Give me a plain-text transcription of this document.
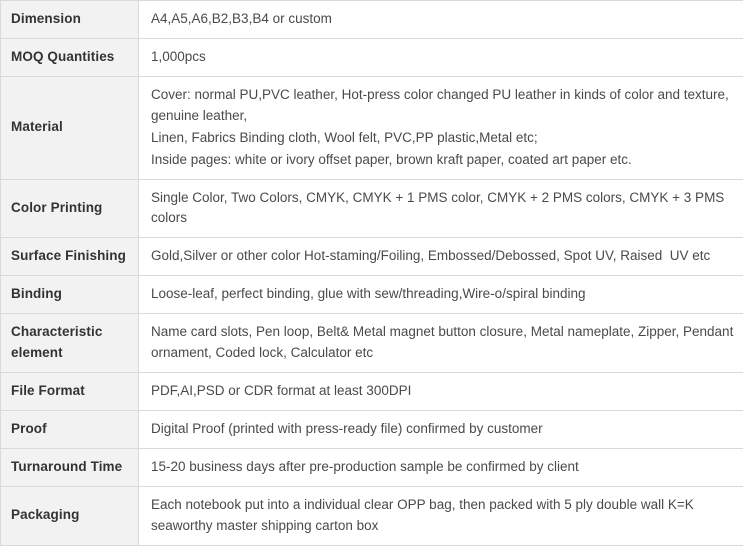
Dimension	A4,A5,A6,B2,B3,B4 or custom

MOQ Quantities	1,000pcs

Material	Cover: normal PU,PVC leather, Hot-press color changed PU leather in kinds of color and texture, genuine leather,
Linen, Fabrics Binding cloth, Wool felt, PVC,PP plastic,Metal etc;
Inside pages: white or ivory offset paper, brown kraft paper, coated art paper etc.

Color Printing	Single Color, Two Colors, CMYK, CMYK + 1 PMS color, CMYK + 2 PMS colors, CMYK + 3 PMS colors

Surface Finishing	Gold,Silver or other color Hot-staming/Foiling, Embossed/Debossed, Spot UV, Raised  UV etc

Binding	Loose-leaf, perfect binding, glue with sew/threading,Wire-o/spiral binding

Characteristic element	Name card slots, Pen loop, Belt& Metal magnet button closure, Metal nameplate, Zipper, Pendant ornament, Coded lock, Calculator etc

File Format	PDF,AI,PSD or CDR format at least 300DPI

Proof	Digital Proof (printed with press-ready file) confirmed by customer

Turnaround Time	15-20 business days after pre-production sample be confirmed by client

Packaging	Each notebook put into a individual clear OPP bag, then packed with 5 ply double wall K=K seaworthy master shipping carton box
